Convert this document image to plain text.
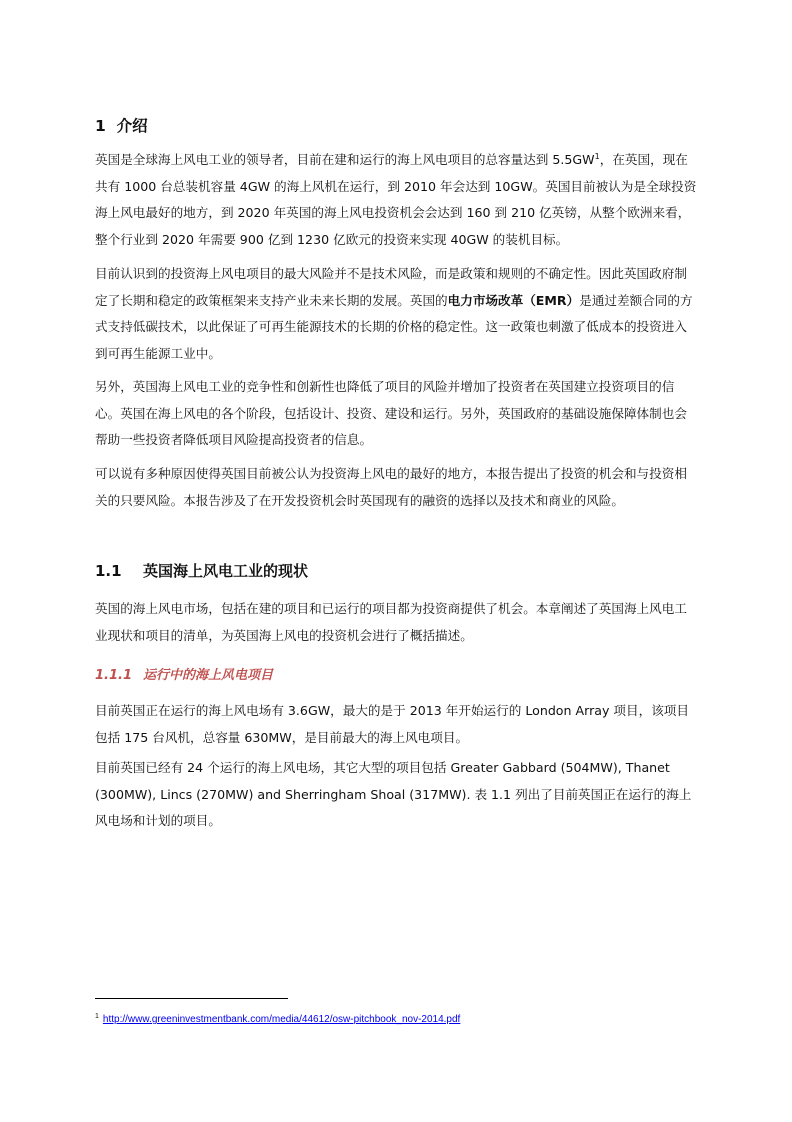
1 介绍

英国是全球海上风电工业的领导者，目前在建和运行的海上风电项目的总容量达到 $5.5GW^1$，在英国，现在共有 1000 台总装机容量 4GW 的海上风机在运行，到 2010 年会达到 10GW。英国目前被认为是全球投资海上风电最好的地方，到 2020 年英国的海上风电投资机会会达到 160 到 210 亿英镑，从整个欧洲来看，整个行业到 2020 年需要 900 亿到 1230 亿欧元的投资来实现 40GW 的装机目标。

目前认识到的投资海上风电项目的最大风险并不是技术风险，而是政策和规则的不确定性。因此英国政府制定了长期和稳定的政策框架来支持产业未来长期的发展。英国的电力市场改革（EMR）是通过差额合同的方式支持低碳技术，以此保证了可再生能源技术的长期的价格的稳定性。这一政策也刺激了低成本的投资进入到可再生能源工业中。

另外，英国海上风电工业的竞争性和创新性也降低了项目的风险并增加了投资者在英国建立投资项目的信心。英国在海上风电的各个阶段，包括设计、投资、建设和运行。另外，英国政府的基础设施保障体制也会帮助一些投资者降低项目风险提高投资者的信息。

可以说有多种原因使得英国目前被公认为投资海上风电的最好的地方，本报告提出了投资的机会和与投资相关的只要风险。本报告涉及了在开发投资机会时英国现有的融资的选择以及技术和商业的风险。

1.1 英国海上风电工业的现状

英国的海上风电市场，包括在建的项目和已运行的项目都为投资商提供了机会。本章阐述了英国海上风电工业现状和项目的清单，为英国海上风电的投资机会进行了概括描述。

1.1.1 运行中的海上风电项目

目前英国正在运行的海上风电场有 3.6GW，最大的是于 2013 年开始运行的 London Array 项目，该项目包括 175 台风机，总容量 630MW，是目前最大的海上风电项目。

目前英国已经有 24 个运行的海上风电场，其它大型的项目包括 Greater Gabbard (504MW), Thanet (300MW), Lincs (270MW) and Sherringham Shoal (317MW). 表 1.1 列出了目前英国正在运行的海上风电场和计划的项目。

$^1$ http://www.greeninvestmentbank.com/media/44612/osw-pitchbook_nov-2014.pdf
